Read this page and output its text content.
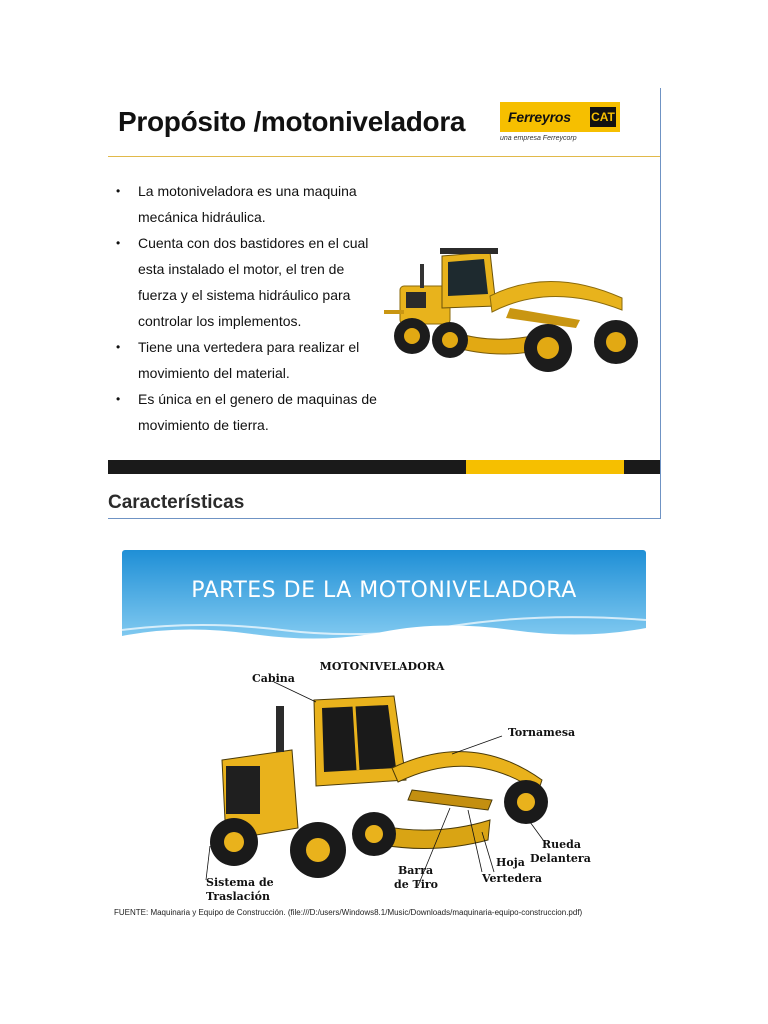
Propósito /motoniveladora	Ferreyros CAT
una empresa Ferreycorp
• La motoniveladora es una maquina mecánica hidráulica.
• Cuenta con dos bastidores en el cual esta instalado el motor, el tren de fuerza y el sistema hidráulico para controlar los implementos.
• Tiene una vertedera para realizar el movimiento del material.
• Es única en el genero de maquinas de movimiento de tierra.
Características
PARTES DE LA MOTONIVELADORA
MOTONIVELADORA
Cabina
Tornamesa
Rueda
Delantera
Hoja
Vertedera
Barra
de Tiro
Sistema de
Traslación
FUENTE: Maquinaria y Equipo de Construcción. (file:///D:/users/Windows8.1/Music/Downloads/maquinaria-equipo-construccion.pdf)
